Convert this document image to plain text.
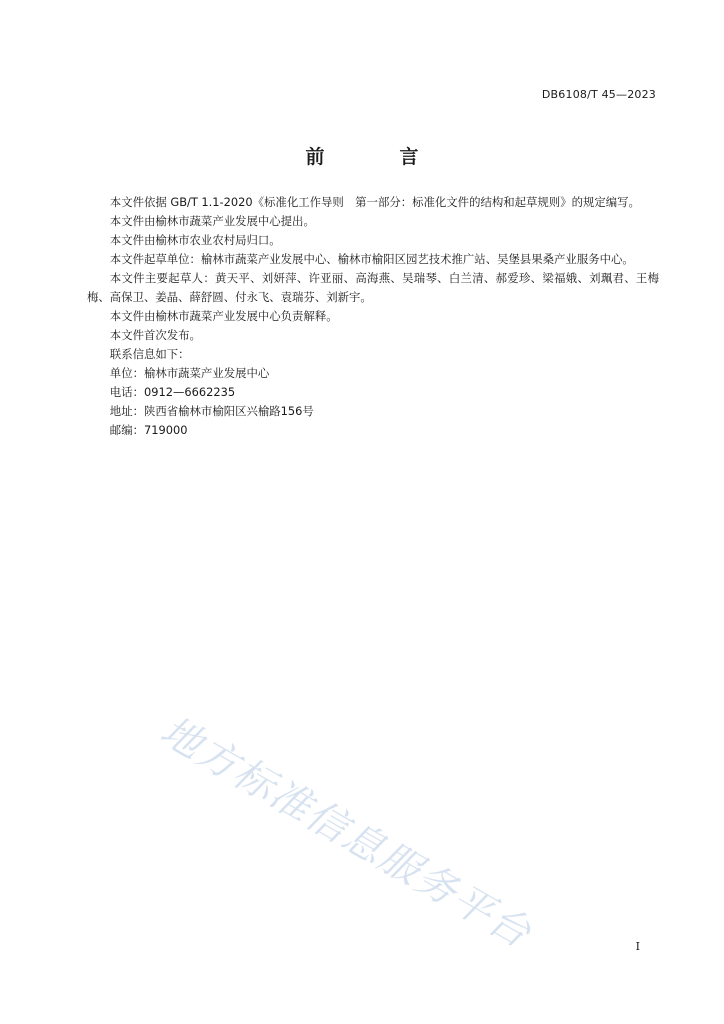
DB6108/T 45—2023
前　言

本文件依据 GB/T 1.1-2020《标准化工作导则　第一部分：标准化文件的结构和起草规则》的规定编写。

本文件由榆林市蔬菜产业发展中心提出。

本文件由榆林市农业农村局归口。

本文件起草单位：榆林市蔬菜产业发展中心、榆林市榆阳区园艺技术推广站、吴堡县果桑产业服务中心。

本文件主要起草人：黄天平、刘妍萍、许亚丽、高海燕、吴瑞琴、白兰清、郝爱珍、梁福娥、刘珮君、王梅梅、高保卫、姜晶、薛舒圆、付永飞、袁瑞芬、刘新宇。

本文件由榆林市蔬菜产业发展中心负责解释。

本文件首次发布。

联系信息如下：

单位：榆林市蔬菜产业发展中心

电话：0912—6662235

地址：陕西省榆林市榆阳区兴榆路156号

邮编：719000

地方标准信息服务平台	I
